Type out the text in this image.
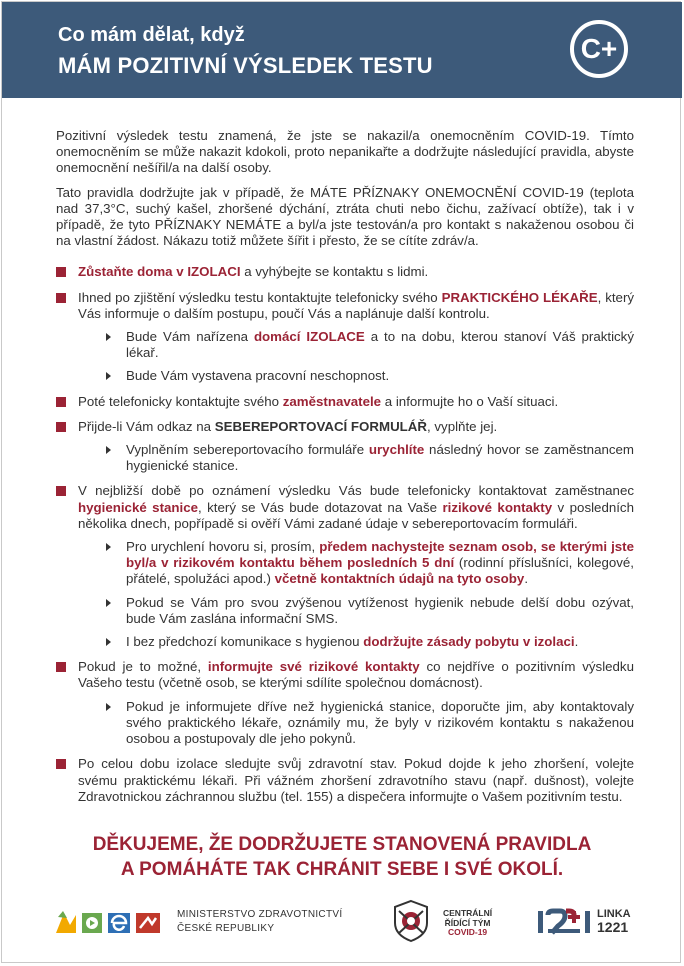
Co mám dělat, když
MÁM POZITIVNÍ VÝSLEDEK TESTU
C+

Pozitivní výsledek testu znamená, že jste se nakazil/a onemocněním COVID-19. Tímto onemocněním se může nakazit kdokoli, proto nepanikařte a dodržujte následující pravidla, abyste onemocnění nešířil/a na další osoby.

Tato pravidla dodržujte jak v případě, že MÁTE PŘÍZNAKY ONEMOCNĚNÍ COVID-19 (teplota nad 37,3°C, suchý kašel, zhoršené dýchání, ztráta chuti nebo čichu, zažívací obtíže), tak i v případě, že tyto PŘÍZNAKY NEMÁTE a byl/a jste testován/a pro kontakt s nakaženou osobou či na vlastní žádost. Nákazu totiž můžete šířit i přesto, že se cítíte zdráv/a.

Zůstaňte doma v IZOLACI a vyhýbejte se kontaktu s lidmi.
Ihned po zjištění výsledku testu kontaktujte telefonicky svého PRAKTICKÉHO LÉKAŘE, který Vás informuje o dalším postupu, poučí Vás a naplánuje další kontrolu.
Bude Vám nařízena domácí IZOLACE a to na dobu, kterou stanoví Váš praktický lékař.
Bude Vám vystavena pracovní neschopnost.
Poté telefonicky kontaktujte svého zaměstnavatele a informujte ho o Vaší situaci.
Přijde-li Vám odkaz na SEBEREPORTOVACÍ FORMULÁŘ, vyplňte jej.
Vyplněním sebereportovacího formuláře urychlíte následný hovor se zaměstnancem hygienické stanice.
V nejbližší době po oznámení výsledku Vás bude telefonicky kontaktovat zaměstnanec hygienické stanice, který se Vás bude dotazovat na Vaše rizikové kontakty v posledních několika dnech, popřípadě si ověří Vámi zadané údaje v sebereportovacím formuláři.
Pro urychlení hovoru si, prosím, předem nachystejte seznam osob, se kterými jste byl/a v rizikovém kontaktu během posledních 5 dní (rodinní příslušníci, kolegové, přátelé, spolužáci apod.) včetně kontaktních údajů na tyto osoby.
Pokud se Vám pro svou zvýšenou vytíženost hygienik nebude delší dobu ozývat, bude Vám zaslána informační SMS.
I bez předchozí komunikace s hygienou dodržujte zásady pobytu v izolaci.
Pokud je to možné, informujte své rizikové kontakty co nejdříve o pozitivním výsledku Vašeho testu (včetně osob, se kterými sdílíte společnou domácnost).
Pokud je informujete dříve než hygienická stanice, doporučte jim, aby kontaktovaly svého praktického lékaře, oznámily mu, že byly v rizikovém kontaktu s nakaženou osobou a postupovaly dle jeho pokynů.
Po celou dobu izolace sledujte svůj zdravotní stav. Pokud dojde k jeho zhoršení, volejte svému praktickému lékaři. Při vážném zhoršení zdravotního stavu (např. dušnost), volejte Zdravotnickou záchrannou službu (tel. 155) a dispečera informujte o Vašem pozitivním testu.
DĚKUJEME, ŽE DODRŽUJETE STANOVENÁ PRAVIDLA
A POMÁHÁTE TAK CHRÁNIT SEBE I SVÉ OKOLÍ.
MINISTERSTVO ZDRAVOTNICTVÍ
ČESKÉ REPUBLIKY
CENTRÁLNÍ
ŘÍDÍCÍ TÝM
COVID-19
LINKA
1221
